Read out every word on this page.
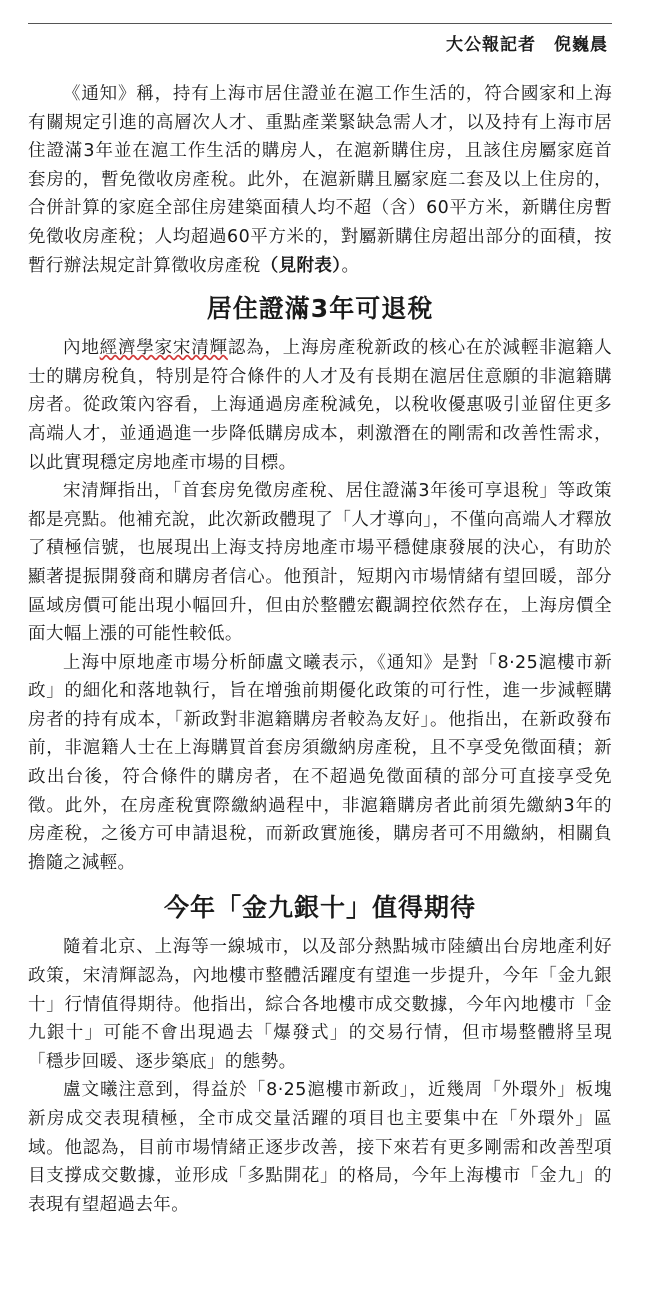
大公報記者　倪巍晨

《通知》稱，持有上海市居住證並在滬工作生活的，符合國家和上海有關規定引進的高層次人才、重點產業緊缺急需人才，以及持有上海市居住證滿3年並在滬工作生活的購房人，在滬新購住房，且該住房屬家庭首套房的，暫免徵收房產稅。此外，在滬新購且屬家庭二套及以上住房的，合併計算的家庭全部住房建築面積人均不超（含）60平方米，新購住房暫免徵收房產稅；人均超過60平方米的，對屬新購住房超出部分的面積，按暫行辦法規定計算徵收房產稅（見附表）。

居住證滿3年可退稅

內地經濟學家宋清輝認為，上海房產稅新政的核心在於減輕非滬籍人士的購房稅負，特別是符合條件的人才及有長期在滬居住意願的非滬籍購房者。從政策內容看，上海通過房產稅減免，以稅收優惠吸引並留住更多高端人才，並通過進一步降低購房成本，刺激潛在的剛需和改善性需求，以此實現穩定房地產市場的目標。

宋清輝指出，「首套房免徵房產稅、居住證滿3年後可享退稅」等政策都是亮點。他補充說，此次新政體現了「人才導向」，不僅向高端人才釋放了積極信號，也展現出上海支持房地產市場平穩健康發展的決心，有助於顯著提振開發商和購房者信心。他預計，短期內市場情緒有望回暖，部分區域房價可能出現小幅回升，但由於整體宏觀調控依然存在，上海房價全面大幅上漲的可能性較低。

上海中原地產市場分析師盧文曦表示，《通知》是對「8·25滬樓市新政」的細化和落地執行，旨在增強前期優化政策的可行性，進一步減輕購房者的持有成本，「新政對非滬籍購房者較為友好」。他指出，在新政發布前，非滬籍人士在上海購買首套房須繳納房產稅，且不享受免徵面積；新政出台後，符合條件的購房者，在不超過免徵面積的部分可直接享受免徵。此外，在房產稅實際繳納過程中，非滬籍購房者此前須先繳納3年的房產稅，之後方可申請退稅，而新政實施後，購房者可不用繳納，相關負擔隨之減輕。

今年「金九銀十」值得期待

隨着北京、上海等一線城市，以及部分熱點城市陸續出台房地產利好政策，宋清輝認為，內地樓市整體活躍度有望進一步提升，今年「金九銀十」行情值得期待。他指出，綜合各地樓市成交數據，今年內地樓市「金九銀十」可能不會出現過去「爆發式」的交易行情，但市場整體將呈現「穩步回暖、逐步築底」的態勢。

盧文曦注意到，得益於「8·25滬樓市新政」，近幾周「外環外」板塊新房成交表現積極，全市成交量活躍的項目也主要集中在「外環外」區域。他認為，目前市場情緒正逐步改善，接下來若有更多剛需和改善型項目支撐成交數據，並形成「多點開花」的格局，今年上海樓市「金九」的表現有望超過去年。
